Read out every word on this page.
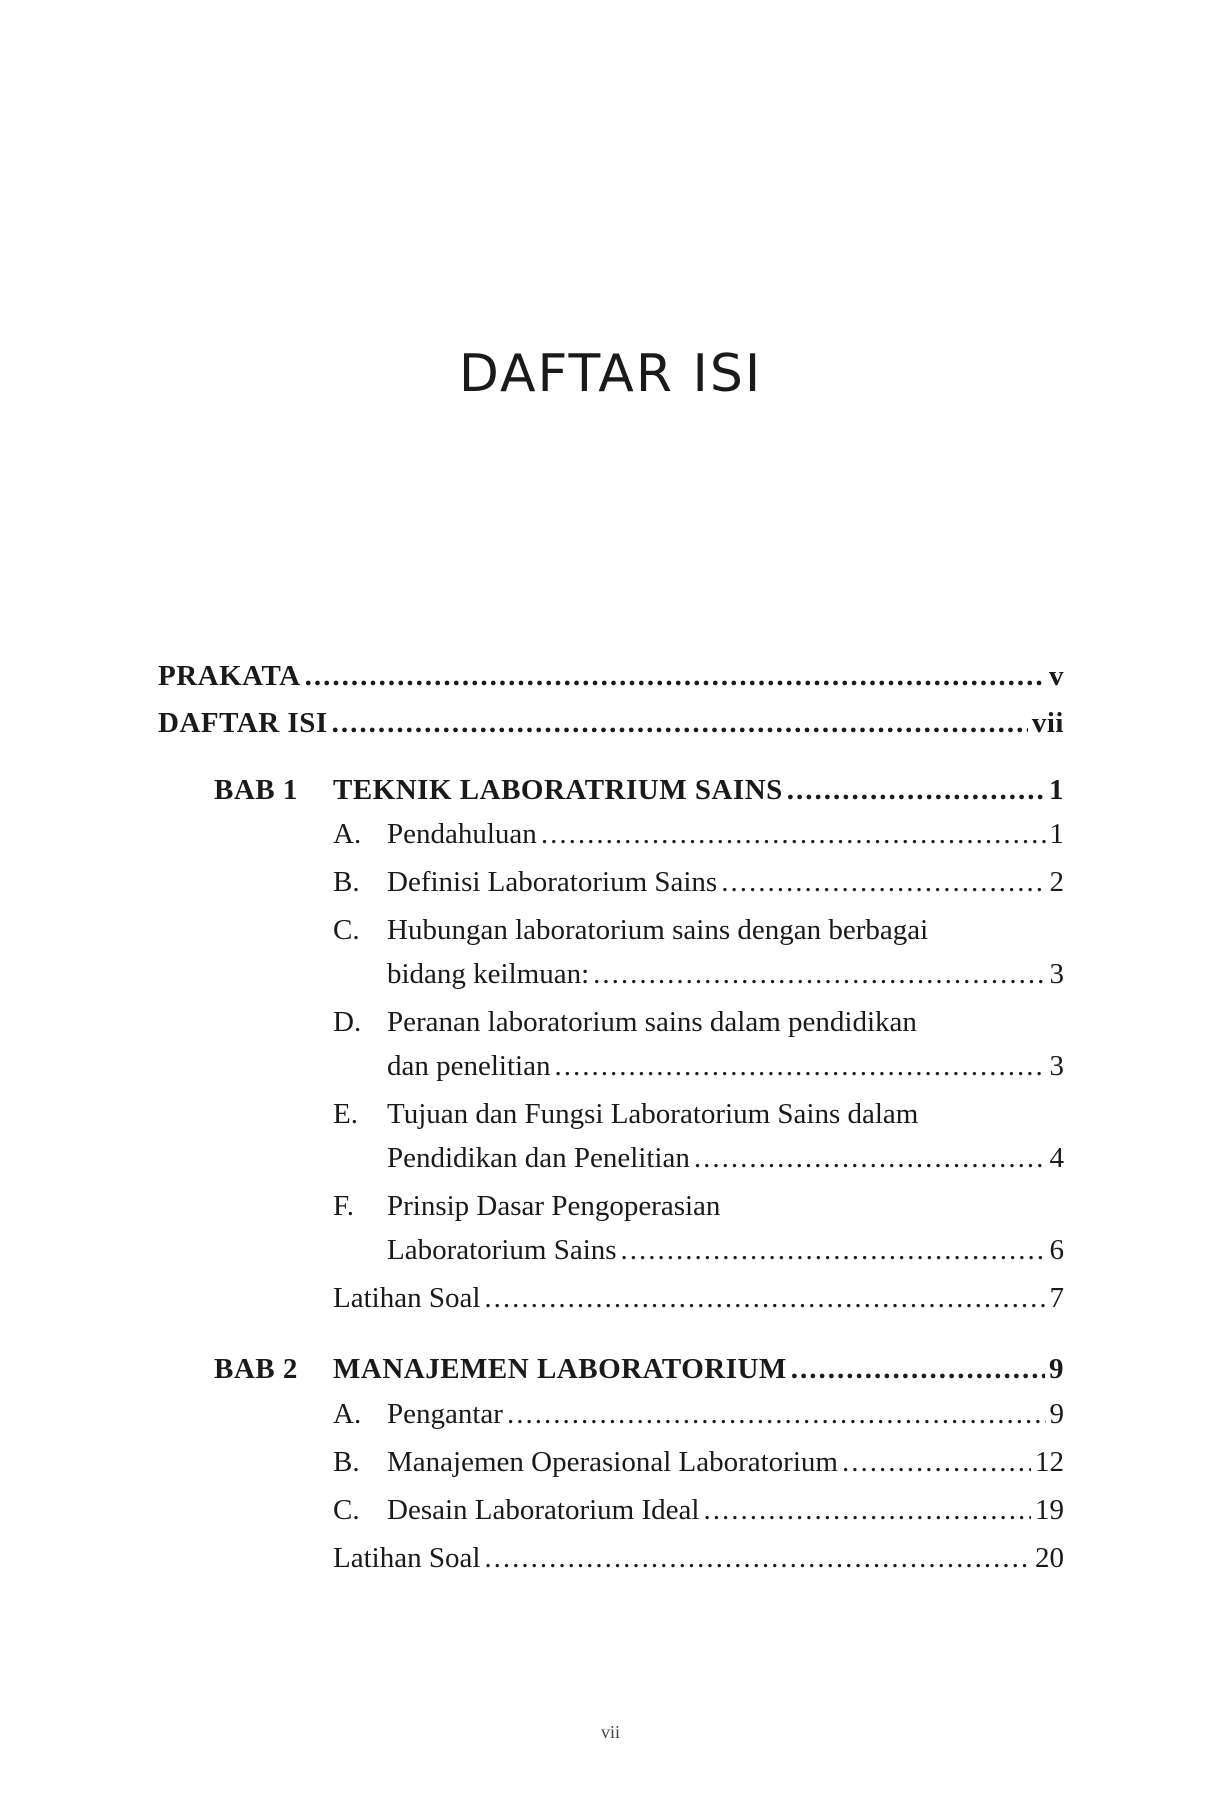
DAFTAR ISI
PRAKATA .....	v
DAFTAR ISI .....	vii
BAB 1 TEKNIK LABORATRIUM SAINS .....	1
A. Pendahuluan .....	1
B. Definisi Laboratorium Sains .....	2
C. Hubungan laboratorium sains dengan berbagai
bidang keilmuan: .....	3
D. Peranan laboratorium sains dalam pendidikan
dan penelitian .....	3
E. Tujuan dan Fungsi Laboratorium Sains dalam
Pendidikan dan Penelitian .....	4
F. Prinsip Dasar Pengoperasian
Laboratorium Sains .....	6
Latihan Soal .....	7
BAB 2 MANAJEMEN LABORATORIUM .....	9
A. Pengantar .....	9
B. Manajemen Operasional Laboratorium .....	12
C. Desain Laboratorium Ideal .....	19
Latihan Soal .....	20
vii
